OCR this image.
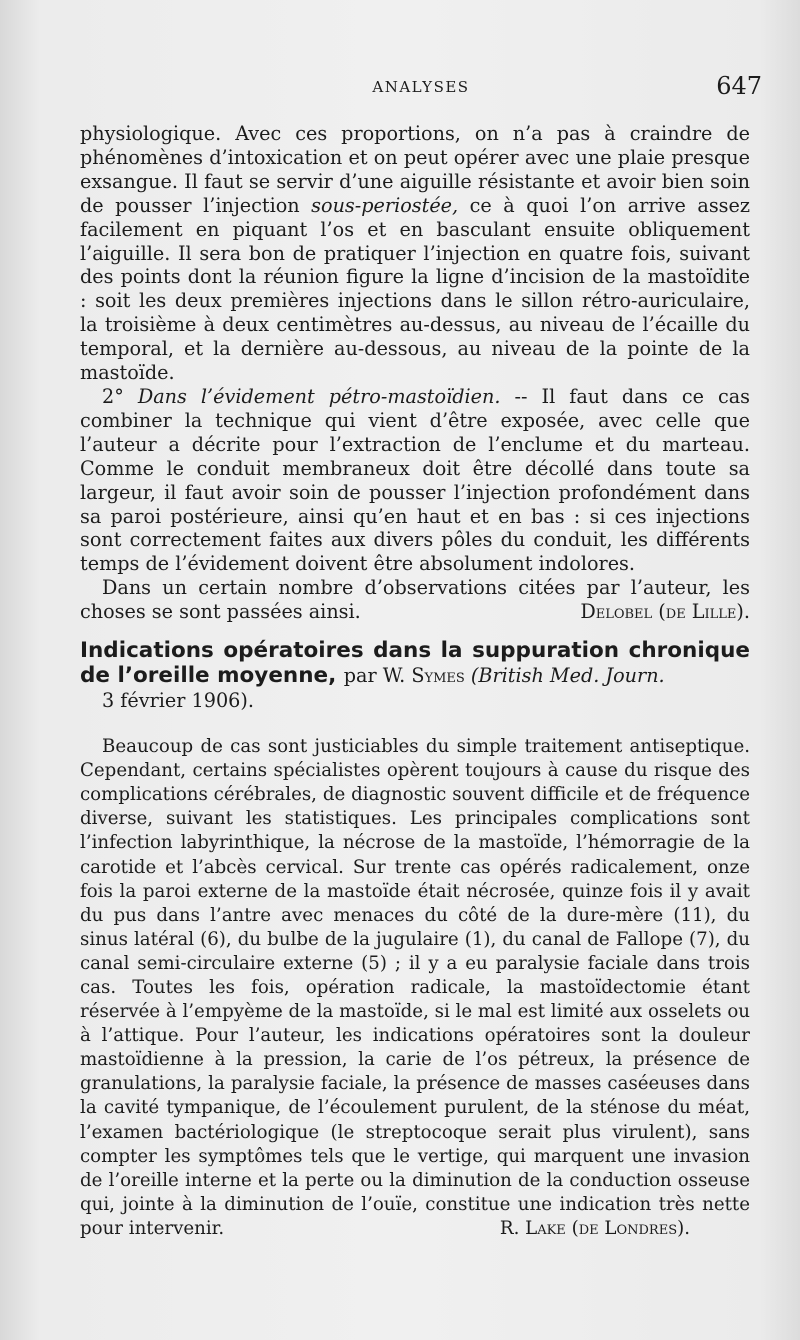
ANALYSES	647

physiologique. Avec ces proportions, on n’a pas à craindre de phénomènes d’intoxication et on peut opérer avec une plaie presque exsangue. Il faut se servir d’une aiguille résistante et avoir bien soin de pousser l’injection sous-periostée, ce à quoi l’on arrive assez facilement en piquant l’os et en basculant ensuite obliquement l’aiguille. Il sera bon de pratiquer l’injection en quatre fois, suivant des points dont la réunion figure la ligne d’incision de la mastoïdite : soit les deux premières injections dans le sillon rétro-auriculaire, la troisième à deux centimètres au-dessus, au niveau de l’écaille du temporal, et la dernière au-dessous, au niveau de la pointe de la mastoïde.

2° Dans l’évidement pétro-mastoïdien. -- Il faut dans ce cas combiner la technique qui vient d’être exposée, avec celle que l’auteur a décrite pour l’extraction de l’enclume et du marteau. Comme le conduit membraneux doit être décollé dans toute sa largeur, il faut avoir soin de pousser l’injection profondément dans sa paroi postérieure, ainsi qu’en haut et en bas : si ces injections sont correctement faites aux divers pôles du conduit, les différents temps de l’évidement doivent être absolument indolores.

Dans un certain nombre d’observations citées par l’auteur, les choses se sont passées ainsi.	Delobel (de Lille).

Indications opératoires dans la suppuration chronique de l’oreille moyenne, par W. Symes (British Med. Journ.
3 février 1906).

Beaucoup de cas sont justiciables du simple traitement antiseptique. Cependant, certains spécialistes opèrent toujours à cause du risque des complications cérébrales, de diagnostic souvent difficile et de fréquence diverse, suivant les statistiques. Les principales complications sont l’infection labyrinthique, la nécrose de la mastoïde, l’hémorragie de la carotide et l’abcès cervical. Sur trente cas opérés radicalement, onze fois la paroi externe de la mastoïde était nécrosée, quinze fois il y avait du pus dans l’antre avec menaces du côté de la dure-mère (11), du sinus latéral (6), du bulbe de la jugulaire (1), du canal de Fallope (7), du canal semi-circulaire externe (5) ; il y a eu paralysie faciale dans trois cas. Toutes les fois, opération radicale, la mastoïdectomie étant réservée à l’empyème de la mastoïde, si le mal est limité aux osselets ou à l’attique. Pour l’auteur, les indications opératoires sont la douleur mastoïdienne à la pression, la carie de l’os pétreux, la présence de granulations, la paralysie faciale, la présence de masses caséeuses dans la cavité tympanique, de l’écoulement purulent, de la sténose du méat, l’examen bactériologique (le streptocoque serait plus virulent), sans compter les symptômes tels que le vertige, qui marquent une invasion de l’oreille interne et la perte ou la diminution de la conduction osseuse qui, jointe à la diminution de l’ouïe, constitue une indication très nette pour intervenir.	R. Lake (de Londres).
